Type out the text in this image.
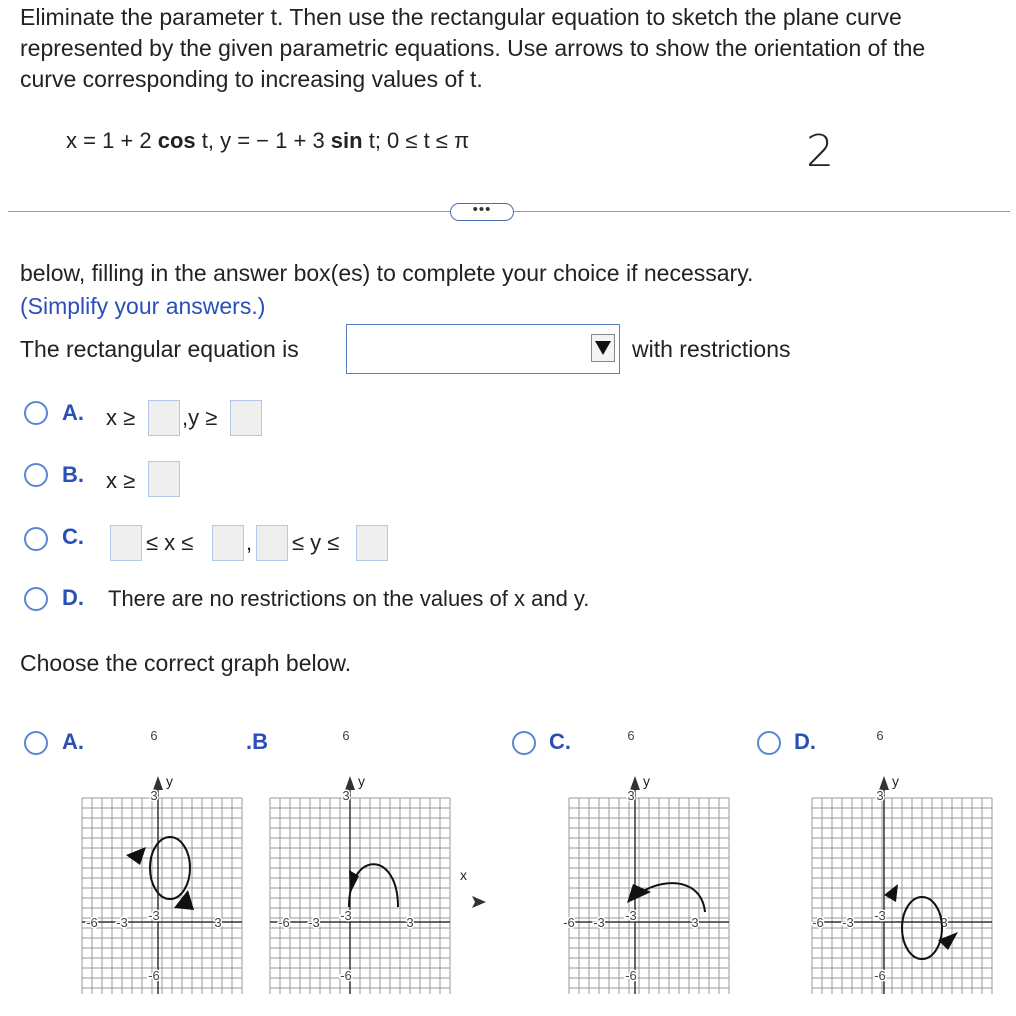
Eliminate the parameter t. Then use the rectangular equation to sketch the plane curve represented by the given parametric equations. Use arrows to show the orientation of the curve corresponding to increasing values of t.
x = 1 + 2 cos t, y = − 1 + 3 sin t; 0 ≤ t ≤ π	2
•••
below, filling in the answer box(es) to complete your choice if necessary.
(Simplify your answers.)
The rectangular equation is	with restrictions
A. x ≥ ,y ≥
B. x ≥
C.	≤ x ≤ , ≤ y ≤
D. There are no restrictions on the values of x and y.
Choose the correct graph below.
A.	B.	C.	D.
y
6
3
-3
-6
-6 -3	3
y
6
3
-3
-6
-6 -3	3
x
y
6
3
-3
-6
-6 -3	3
y
6
3
-3
-6
-6 -3	3
